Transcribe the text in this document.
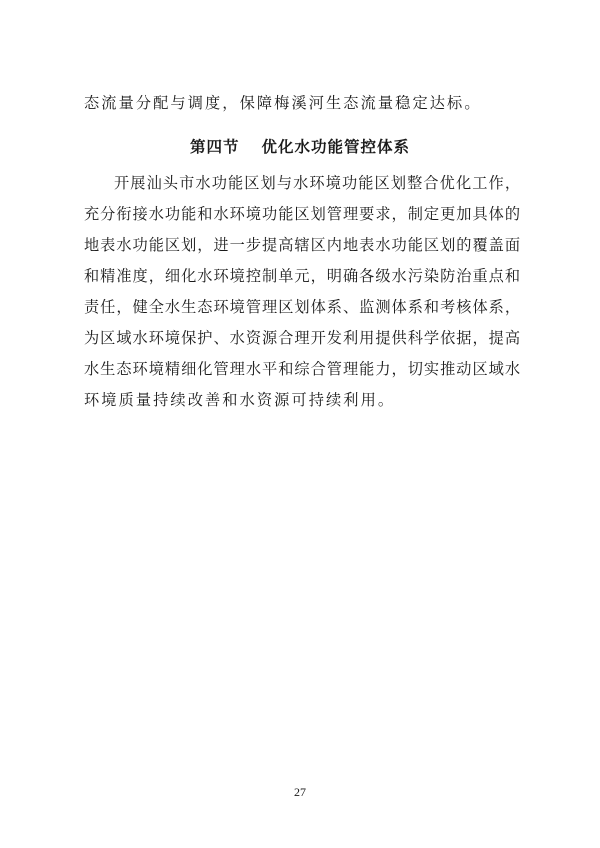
态流量分配与调度，保障梅溪河生态流量稳定达标。
第四节 优化水功能管控体系
开展汕头市水功能区划与水环境功能区划整合优化工作，
充分衔接水功能和水环境功能区划管理要求，制定更加具体的
地表水功能区划，进一步提高辖区内地表水功能区划的覆盖面
和精准度，细化水环境控制单元，明确各级水污染防治重点和
责任，健全水生态环境管理区划体系、监测体系和考核体系，
为区域水环境保护、水资源合理开发利用提供科学依据，提高
水生态环境精细化管理水平和综合管理能力，切实推动区域水
环境质量持续改善和水资源可持续利用。
27
